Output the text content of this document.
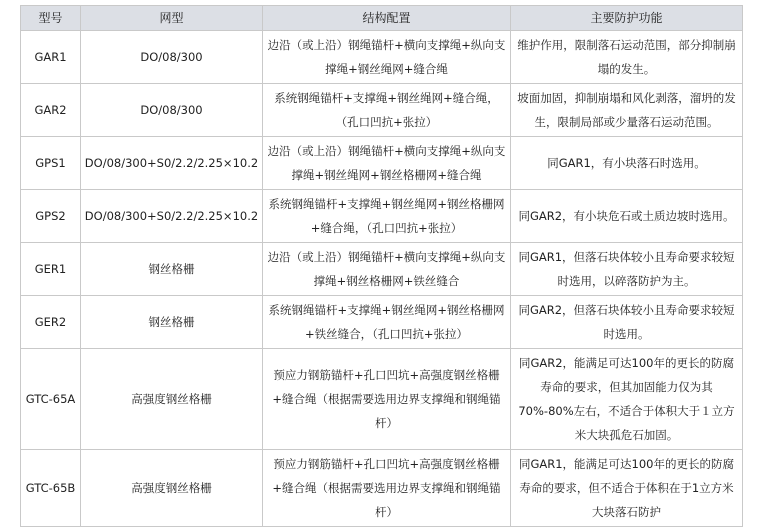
型号	网型	结构配置	主要防护功能
GAR1	DO/08/300	边沿（或上沿）钢绳锚杆+横向支撑绳+纵向支撑绳+钢丝绳网+缝合绳	维护作用，限制落石运动范围，部分抑制崩塌的发生。
GAR2	DO/08/300	系统钢绳锚杆+支撑绳+钢丝绳网+缝合绳，（孔口凹抗+张拉）	坡面加固，抑制崩塌和风化剥落，溜坍的发生，限制局部或少量落石运动范围。
GPS1	DO/08/300+S0/2.2/2.25×10.2	边沿（或上沿）钢绳锚杆+横向支撑绳+纵向支撑绳+钢丝绳网+钢丝格栅网+缝合绳	同GAR1，有小块落石时选用。
GPS2	DO/08/300+S0/2.2/2.25×10.2	系统钢绳锚杆+支撑绳+钢丝绳网+钢丝格栅网+缝合绳，（孔口凹抗+张拉）	同GAR2，有小块危石或土质边坡时选用。
GER1	钢丝格栅	边沿（或上沿）钢绳锚杆+横向支撑绳+纵向支撑绳+钢丝格栅网+铁丝缝合	同GAR1，但落石块体较小且寿命要求较短时选用，以碎落防护为主。
GER2	钢丝格栅	系统钢绳锚杆+支撑绳+钢丝绳网+钢丝格栅网+铁丝缝合，（孔口凹抗+张拉）	同GAR2，但落石块体较小且寿命要求较短时选用。
GTC-65A	高强度钢丝格栅	预应力钢筋锚杆+孔口凹坑+高强度钢丝格栅+缝合绳（根据需要选用边界支撑绳和钢绳锚杆）	同GAR2，能满足可达100年的更长的防腐寿命的要求，但其加固能力仅为其70%-80%左右，不适合于体积大于１立方米大块孤危石加固。
GTC-65B	高强度钢丝格栅	预应力钢筋锚杆+孔口凹坑+高强度钢丝格栅+缝合绳（根据需要选用边界支撑绳和钢绳锚杆）	同GAR1，能满足可达100年的更长的防腐寿命的要求，但不适合于体积在于1立方米大块落石防护
